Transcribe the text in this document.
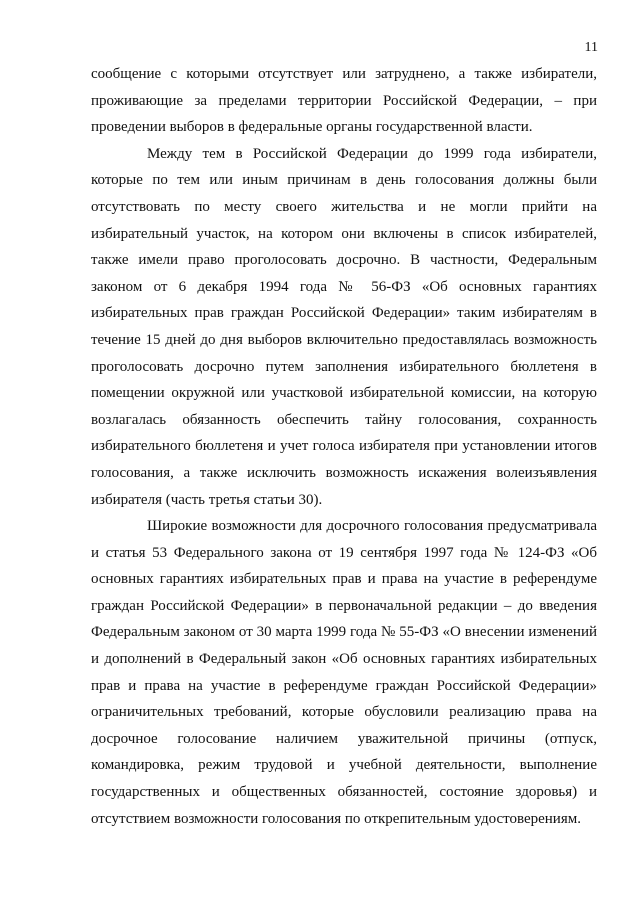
11

сообщение с которыми отсутствует или затруднено, а также избиратели, проживающие за пределами территории Российской Федерации, – при проведении выборов в федеральные органы государственной власти.

Между тем в Российской Федерации до 1999 года избиратели, которые по тем или иным причинам в день голосования должны были отсутствовать по месту своего жительства и не могли прийти на избирательный участок, на котором они включены в список избирателей, также имели право проголосовать досрочно. В частности, Федеральным законом от 6 декабря 1994 года № 56-ФЗ «Об основных гарантиях избирательных прав граждан Российской Федерации» таким избирателям в течение 15 дней до дня выборов включительно предоставлялась возможность проголосовать досрочно путем заполнения избирательного бюллетеня в помещении окружной или участковой избирательной комиссии, на которую возлагалась обязанность обеспечить тайну голосования, сохранность избирательного бюллетеня и учет голоса избирателя при установлении итогов голосования, а также исключить возможность искажения волеизъявления избирателя (часть третья статьи 30).

Широкие возможности для досрочного голосования предусматривала и статья 53 Федерального закона от 19 сентября 1997 года № 124-ФЗ «Об основных гарантиях избирательных прав и права на участие в референдуме граждан Российской Федерации» в первоначальной редакции – до введения Федеральным законом от 30 марта 1999 года № 55-ФЗ «О внесении изменений и дополнений в Федеральный закон «Об основных гарантиях избирательных прав и права на участие в референдуме граждан Российской Федерации» ограничительных требований, которые обусловили реализацию права на досрочное голосование наличием уважительной причины (отпуск, командировка, режим трудовой и учебной деятельности, выполнение государственных и общественных обязанностей, состояние здоровья) и отсутствием возможности голосования по открепительным удостоверениям.
